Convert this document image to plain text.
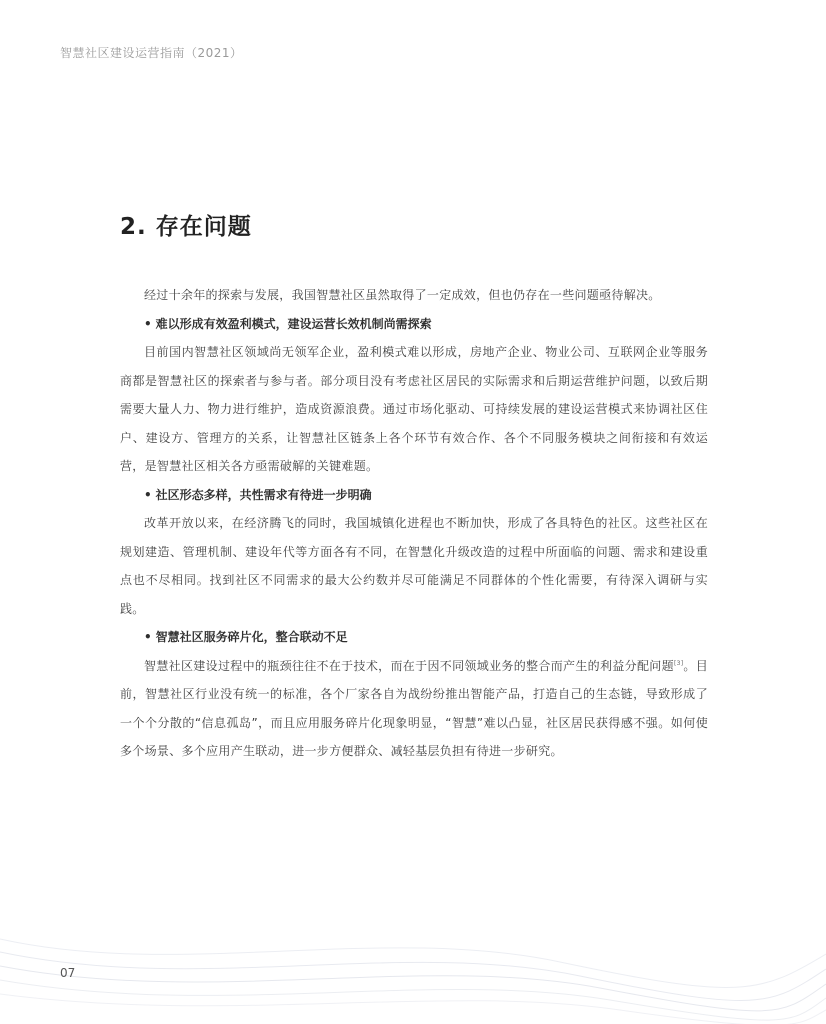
智慧社区建设运营指南（2021）
2. 存在问题

经过十余年的探索与发展，我国智慧社区虽然取得了一定成效，但也仍存在一些问题亟待解决。

• 难以形成有效盈利模式，建设运营长效机制尚需探索

目前国内智慧社区领域尚无领军企业，盈利模式难以形成，房地产企业、物业公司、互联网企业等服务商都是智慧社区的探索者与参与者。部分项目没有考虑社区居民的实际需求和后期运营维护问题，以致后期需要大量人力、物力进行维护，造成资源浪费。通过市场化驱动、可持续发展的建设运营模式来协调社区住户、建设方、管理方的关系，让智慧社区链条上各个环节有效合作、各个不同服务模块之间衔接和有效运营，是智慧社区相关各方亟需破解的关键难题。

• 社区形态多样，共性需求有待进一步明确

改革开放以来，在经济腾飞的同时，我国城镇化进程也不断加快，形成了各具特色的社区。这些社区在规划建造、管理机制、建设年代等方面各有不同，在智慧化升级改造的过程中所面临的问题、需求和建设重点也不尽相同。找到社区不同需求的最大公约数并尽可能满足不同群体的个性化需要，有待深入调研与实践。

• 智慧社区服务碎片化，整合联动不足

智慧社区建设过程中的瓶颈往往不在于技术，而在于因不同领域业务的整合而产生的利益分配问题[3]。目前，智慧社区行业没有统一的标准，各个厂家各自为战纷纷推出智能产品，打造自己的生态链，导致形成了一个个分散的“信息孤岛”，而且应用服务碎片化现象明显，“智慧”难以凸显，社区居民获得感不强。如何使多个场景、多个应用产生联动，进一步方便群众、减轻基层负担有待进一步研究。

07
